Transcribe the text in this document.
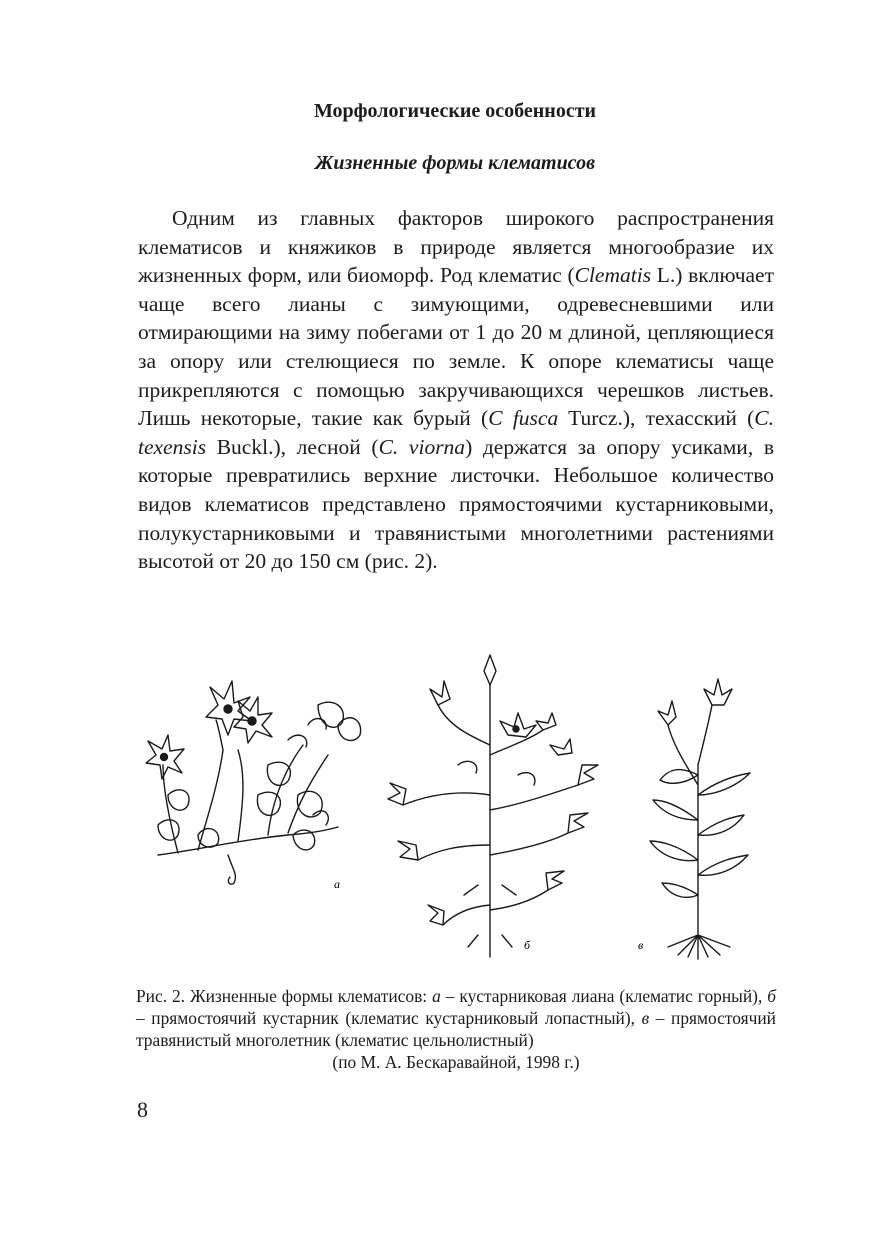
Морфологические особенности
Жизненные формы клематисов

Одним из главных факторов широкого распространения клематисов и княжиков в природе является многообразие их жизненных форм, или биоморф. Род клематис (Clematis L.) включает чаще всего лианы с зимующими, одревесневшими или отмирающими на зиму побегами от 1 до 20 м длиной, цепляющиеся за опору или стелющиеся по земле. К опоре клематисы чаще прикрепляются с помощью закручивающихся черешков листьев. Лишь некоторые, такие как бурый (C fusca Turcz.), техасский (C. texensis Buckl.), лесной (C. viorna) держатся за опору усиками, в которые превратились верхние листочки. Небольшое количество видов клематисов представлено прямостоячими кустарниковыми, полукустарниковыми и травянистыми многолетними растениями высотой от 20 до 150 см (рис. 2).

а
б	в
Рис. 2. Жизненные формы клематисов: а – кустарниковая лиана (клематис горный), б – прямостоячий кустарник (клематис кустарниковый лопастный), в – прямостоячий травянистый многолетник (клематис цельнолистный)
(по М. А. Бескаравайной, 1998 г.)
8
